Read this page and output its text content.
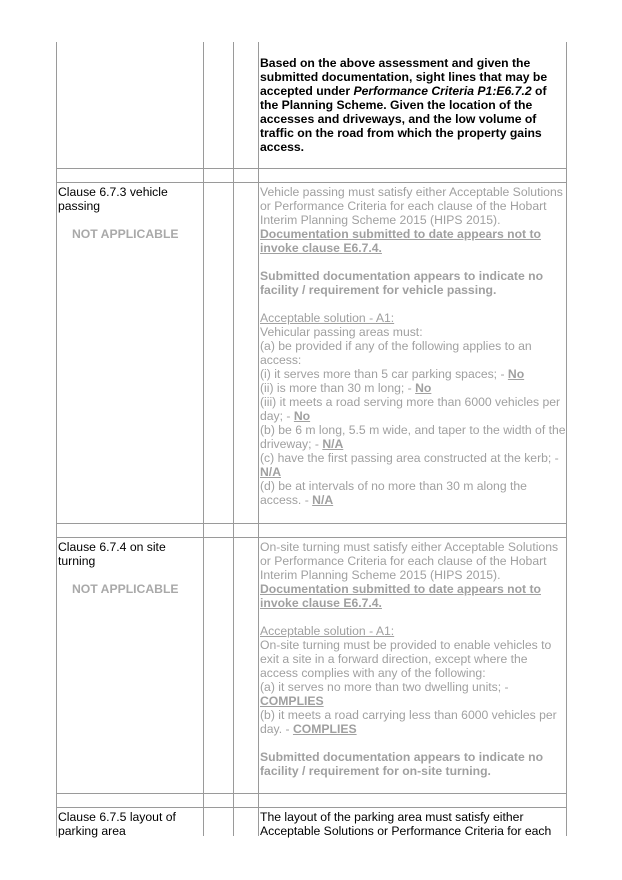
Based on the above assessment and given the submitted documentation, sight lines that may be accepted under Performance Criteria P1:E6.7.2 of the Planning Scheme. Given the location of the accesses and driveways, and the low volume of traffic on the road from which the property gains access.
Clause 6.7.3 vehicle passing
NOT APPLICABLE

Vehicle passing must satisfy either Acceptable Solutions or Performance Criteria for each clause of the Hobart Interim Planning Scheme 2015 (HIPS 2015).

Documentation submitted to date appears not to invoke clause E6.7.4.

Submitted documentation appears to indicate no facility / requirement for vehicle passing.

Acceptable solution - A1:

Vehicular passing areas must:

(a) be provided if any of the following applies to an access:

(i) it serves more than 5 car parking spaces; - No

(ii) is more than 30 m long; - No

(iii) it meets a road serving more than 6000 vehicles per day; - No

(b) be 6 m long, 5.5 m wide, and taper to the width of the driveway; - N/A

(c) have the first passing area constructed at the kerb; - N/A

(d) be at intervals of no more than 30 m along the access. - N/A

Clause 6.7.4 on site turning
NOT APPLICABLE

On-site turning must satisfy either Acceptable Solutions or Performance Criteria for each clause of the Hobart Interim Planning Scheme 2015 (HIPS 2015).

Documentation submitted to date appears not to invoke clause E6.7.4.

Acceptable solution - A1:

On-site turning must be provided to enable vehicles to exit a site in a forward direction, except where the access complies with any of the following:

(a) it serves no more than two dwelling units; - COMPLIES

(b) it meets a road carrying less than 6000 vehicles per day. - COMPLIES

Submitted documentation appears to indicate no facility / requirement for on-site turning.

Clause 6.7.5 layout of parking area
The layout of the parking area must satisfy either Acceptable Solutions or Performance Criteria for each
